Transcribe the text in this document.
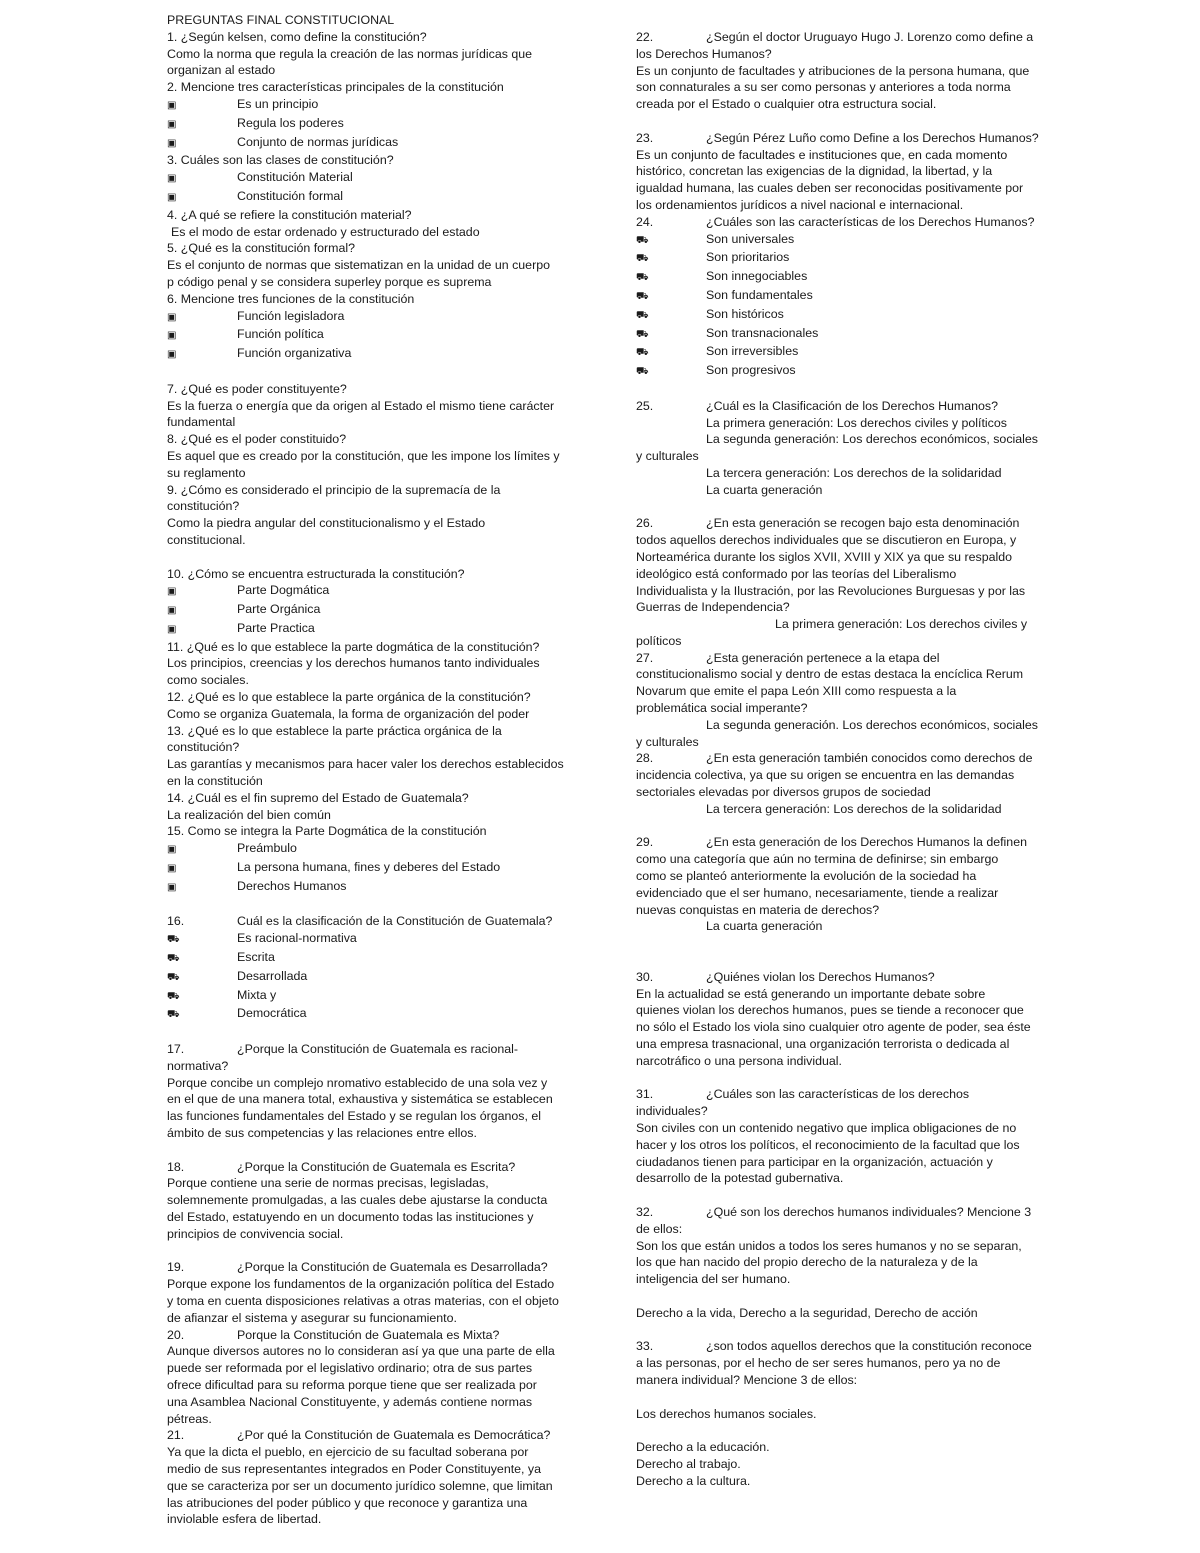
PREGUNTAS FINAL CONSTITUCIONAL
1. ¿Según kelsen, como define la constitución?
Como la norma que regula la creación de las normas jurídicas que
organizan al estado
2. Mencione tres características principales de la constitución
▣	Es un principio
▣	Regula los poderes
▣	Conjunto de normas jurídicas
3. Cuáles son las clases de constitución?
▣	Constitución Material
▣	Constitución formal
4. ¿A qué se refiere la constitución material?
Es el modo de estar ordenado y estructurado del estado
5. ¿Qué es la constitución formal?
Es el conjunto de normas que sistematizan en la unidad de un cuerpo
p código penal y se considera superley porque es suprema
6. Mencione tres funciones de la constitución
▣	Función legisladora
▣	Función política
▣	Función organizativa
7. ¿Qué es poder constituyente?
Es la fuerza o energía que da origen al Estado el mismo tiene carácter
fundamental
8. ¿Qué es el poder constituido?
Es aquel que es creado por la constitución, que les impone los límites y
su reglamento
9. ¿Cómo es considerado el principio de la supremacía de la
constitución?
Como la piedra angular del constitucionalismo y el Estado
constitucional.
10. ¿Cómo se encuentra estructurada la constitución?
▣	Parte Dogmática
▣	Parte Orgánica
▣	Parte Practica
11. ¿Qué es lo que establece la parte dogmática de la constitución?
Los principios, creencias y los derechos humanos tanto individuales
como sociales.
12. ¿Qué es lo que establece la parte orgánica de la constitución?
Como se organiza Guatemala, la forma de organización del poder
13. ¿Qué es lo que establece la parte práctica orgánica de la
constitución?
Las garantías y mecanismos para hacer valer los derechos establecidos
en la constitución
14. ¿Cuál es el fin supremo del Estado de Guatemala?
La realización del bien común
15. Como se integra la Parte Dogmática de la constitución
▣	Preámbulo
▣	La persona humana, fines y deberes del Estado
▣	Derechos Humanos
16.	Cuál es la clasificación de la Constitución de Guatemala?
⛟	Es racional-normativa
⛟	Escrita
⛟	Desarrollada
⛟	Mixta y
⛟	Democrática
17.	¿Porque la Constitución de Guatemala es racional-
normativa?
Porque concibe un complejo nromativo establecido de una sola vez y
en el que de una manera total, exhaustiva y sistemática se establecen
las funciones fundamentales del Estado y se regulan los órganos, el
ámbito de sus competencias y las relaciones entre ellos.
18.	¿Porque la Constitución de Guatemala es Escrita?
Porque contiene una serie de normas precisas, legisladas,
solemnemente promulgadas, a las cuales debe ajustarse la conducta
del Estado, estatuyendo en un documento todas las instituciones y
principios de convivencia social.
19.	¿Porque la Constitución de Guatemala es Desarrollada?
Porque expone los fundamentos de la organización política del Estado
y toma en cuenta disposiciones relativas a otras materias, con el objeto
de afianzar el sistema y asegurar su funcionamiento.
20.	Porque la Constitución de Guatemala es Mixta?
Aunque diversos autores no lo consideran así ya que una parte de ella
puede ser reformada por el legislativo ordinario; otra de sus partes
ofrece dificultad para su reforma porque tiene que ser realizada por
una Asamblea Nacional Constituyente, y además contiene normas
pétreas.
21.	¿Por qué la Constitución de Guatemala es Democrática?
Ya que la dicta el pueblo, en ejercicio de su facultad soberana por
medio de sus representantes integrados en Poder Constituyente, ya
que se caracteriza por ser un documento jurídico solemne, que limitan
las atribuciones del poder público y que reconoce y garantiza una
inviolable esfera de libertad.
22.	¿Según el doctor Uruguayo Hugo J. Lorenzo como define a
los Derechos Humanos?
Es un conjunto de facultades y atribuciones de la persona humana, que
son connaturales a su ser como personas y anteriores a toda norma
creada por el Estado o cualquier otra estructura social.
23.	¿Según Pérez Luño como Define a los Derechos Humanos?
Es un conjunto de facultades e instituciones que, en cada momento
histórico, concretan las exigencias de la dignidad, la libertad, y la
igualdad humana, las cuales deben ser reconocidas positivamente por
los ordenamientos jurídicos a nivel nacional e internacional.
24.	¿Cuáles son las características de los Derechos Humanos?
⛟	Son universales
⛟	Son prioritarios
⛟	Son innegociables
⛟	Son fundamentales
⛟	Son históricos
⛟	Son transnacionales
⛟	Son irreversibles
⛟	Son progresivos
25.	¿Cuál es la Clasificación de los Derechos Humanos?
La primera generación: Los derechos civiles y políticos
La segunda generación: Los derechos económicos, sociales
y culturales
La tercera generación: Los derechos de la solidaridad
La cuarta generación
26.	¿En esta generación se recogen bajo esta denominación
todos aquellos derechos individuales que se discutieron en Europa, y
Norteamérica durante los siglos XVII, XVIII y XIX ya que su respaldo
ideológico está conformado por las teorías del Liberalismo
Individualista y la Ilustración, por las Revoluciones Burguesas y por las
Guerras de Independencia?
La primera generación: Los derechos civiles y
políticos
27.	¿Esta generación pertenece a la etapa del
constitucionalismo social y dentro de estas destaca la encíclica Rerum
Novarum que emite el papa León XIII como respuesta a la
problemática social imperante?
La segunda generación. Los derechos económicos, sociales
y culturales
28.	¿En esta generación también conocidos como derechos de
incidencia colectiva, ya que su origen se encuentra en las demandas
sectoriales elevadas por diversos grupos de sociedad
La tercera generación: Los derechos de la solidaridad
29.	¿En esta generación de los Derechos Humanos la definen
como una categoría que aún no termina de definirse; sin embargo
como se planteó anteriormente la evolución de la sociedad ha
evidenciado que el ser humano, necesariamente, tiende a realizar
nuevas conquistas en materia de derechos?
La cuarta generación
30.	¿Quiénes violan los Derechos Humanos?
En la actualidad se está generando un importante debate sobre
quienes violan los derechos humanos, pues se tiende a reconocer que
no sólo el Estado los viola sino cualquier otro agente de poder, sea éste
una empresa trasnacional, una organización terrorista o dedicada al
narcotráfico o una persona individual.
31.	¿Cuáles son las características de los derechos
individuales?
Son civiles con un contenido negativo que implica obligaciones de no
hacer y los otros los políticos, el reconocimiento de la facultad que los
ciudadanos tienen para participar en la organización, actuación y
desarrollo de la potestad gubernativa.
32.	¿Qué son los derechos humanos individuales? Mencione 3
de ellos:
Son los que están unidos a todos los seres humanos y no se separan,
los que han nacido del propio derecho de la naturaleza y de la
inteligencia del ser humano.
Derecho a la vida, Derecho a la seguridad, Derecho de acción
33.	¿son todos aquellos derechos que la constitución reconoce
a las personas, por el hecho de ser seres humanos, pero ya no de
manera individual? Mencione 3 de ellos:
Los derechos humanos sociales.
Derecho a la educación.
Derecho al trabajo.
Derecho a la cultura.
